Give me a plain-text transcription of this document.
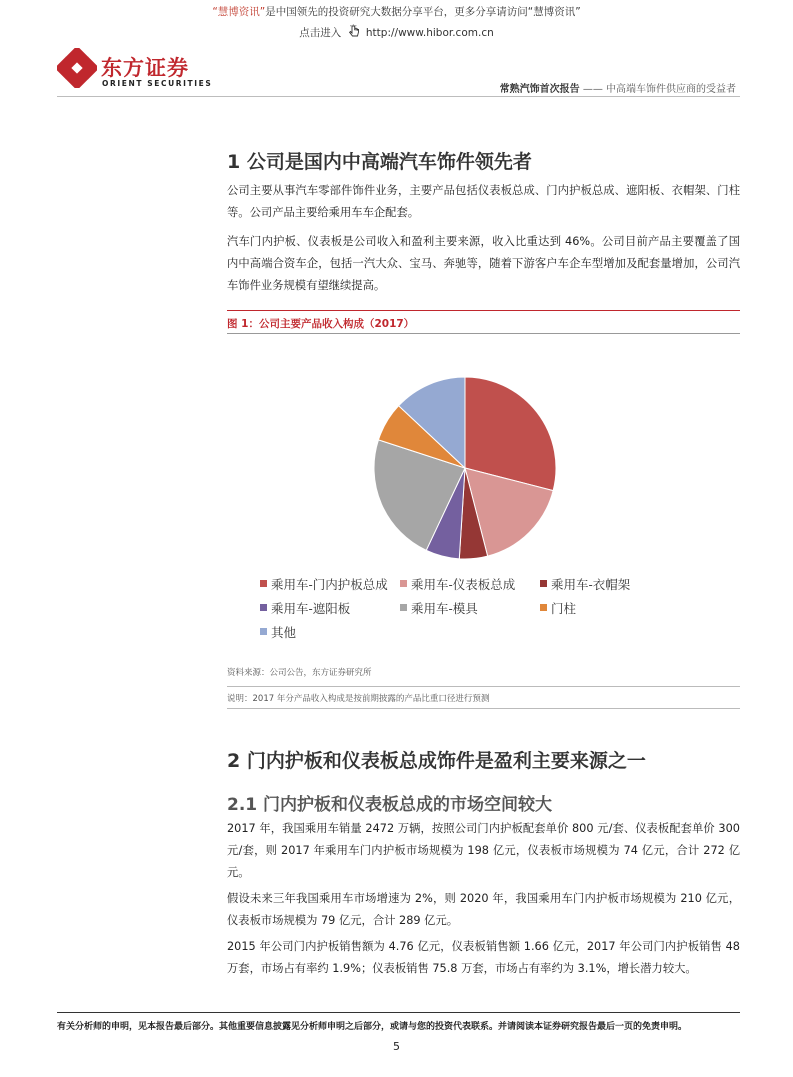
“慧博资讯”是中国领先的投资研究大数据分享平台，更多分享请访问“慧博资讯”
点击进入 http://www.hibor.com.cn
东方证券
ORIENT SECURITIES
常熟汽饰首次报告 —— 中高端车饰件供应商的受益者
1 公司是国内中高端汽车饰件领先者

公司主要从事汽车零部件饰件业务，主要产品包括仪表板总成、门内护板总成、遮阳板、衣帽架、门柱等。公司产品主要给乘用车车企配套。

汽车门内护板、仪表板是公司收入和盈利主要来源，收入比重达到 46%。公司目前产品主要覆盖了国内中高端合资车企，包括一汽大众、宝马、奔驰等，随着下游客户车企车型增加及配套量增加，公司汽车饰件业务规模有望继续提高。

图 1：公司主要产品收入构成（2017）
乘用车-门内护板总成	乘用车-仪表板总成	乘用车-衣帽架
乘用车-遮阳板	乘用车-模具	门柱
其他
资料来源：公司公告，东方证券研究所
说明：2017 年分产品收入构成是按前期披露的产品比重口径进行预测
2 门内护板和仪表板总成饰件是盈利主要来源之一
2.1 门内护板和仪表板总成的市场空间较大

2017 年，我国乘用车销量 2472 万辆，按照公司门内护板配套单价 800 元/套、仪表板配套单价 300 元/套，则 2017 年乘用车门内护板市场规模为 198 亿元，仪表板市场规模为 74 亿元，合计 272 亿元。

假设未来三年我国乘用车市场增速为 2%，则 2020 年，我国乘用车门内护板市场规模为 210 亿元，仪表板市场规模为 79 亿元，合计 289 亿元。

2015 年公司门内护板销售额为 4.76 亿元，仪表板销售额 1.66 亿元，2017 年公司门内护板销售 48 万套，市场占有率约 1.9%；仪表板销售 75.8 万套，市场占有率约为 3.1%，增长潜力较大。

有关分析师的申明，见本报告最后部分。其他重要信息披露见分析师申明之后部分，或请与您的投资代表联系。并请阅读本证券研究报告最后一页的免责申明。
5
